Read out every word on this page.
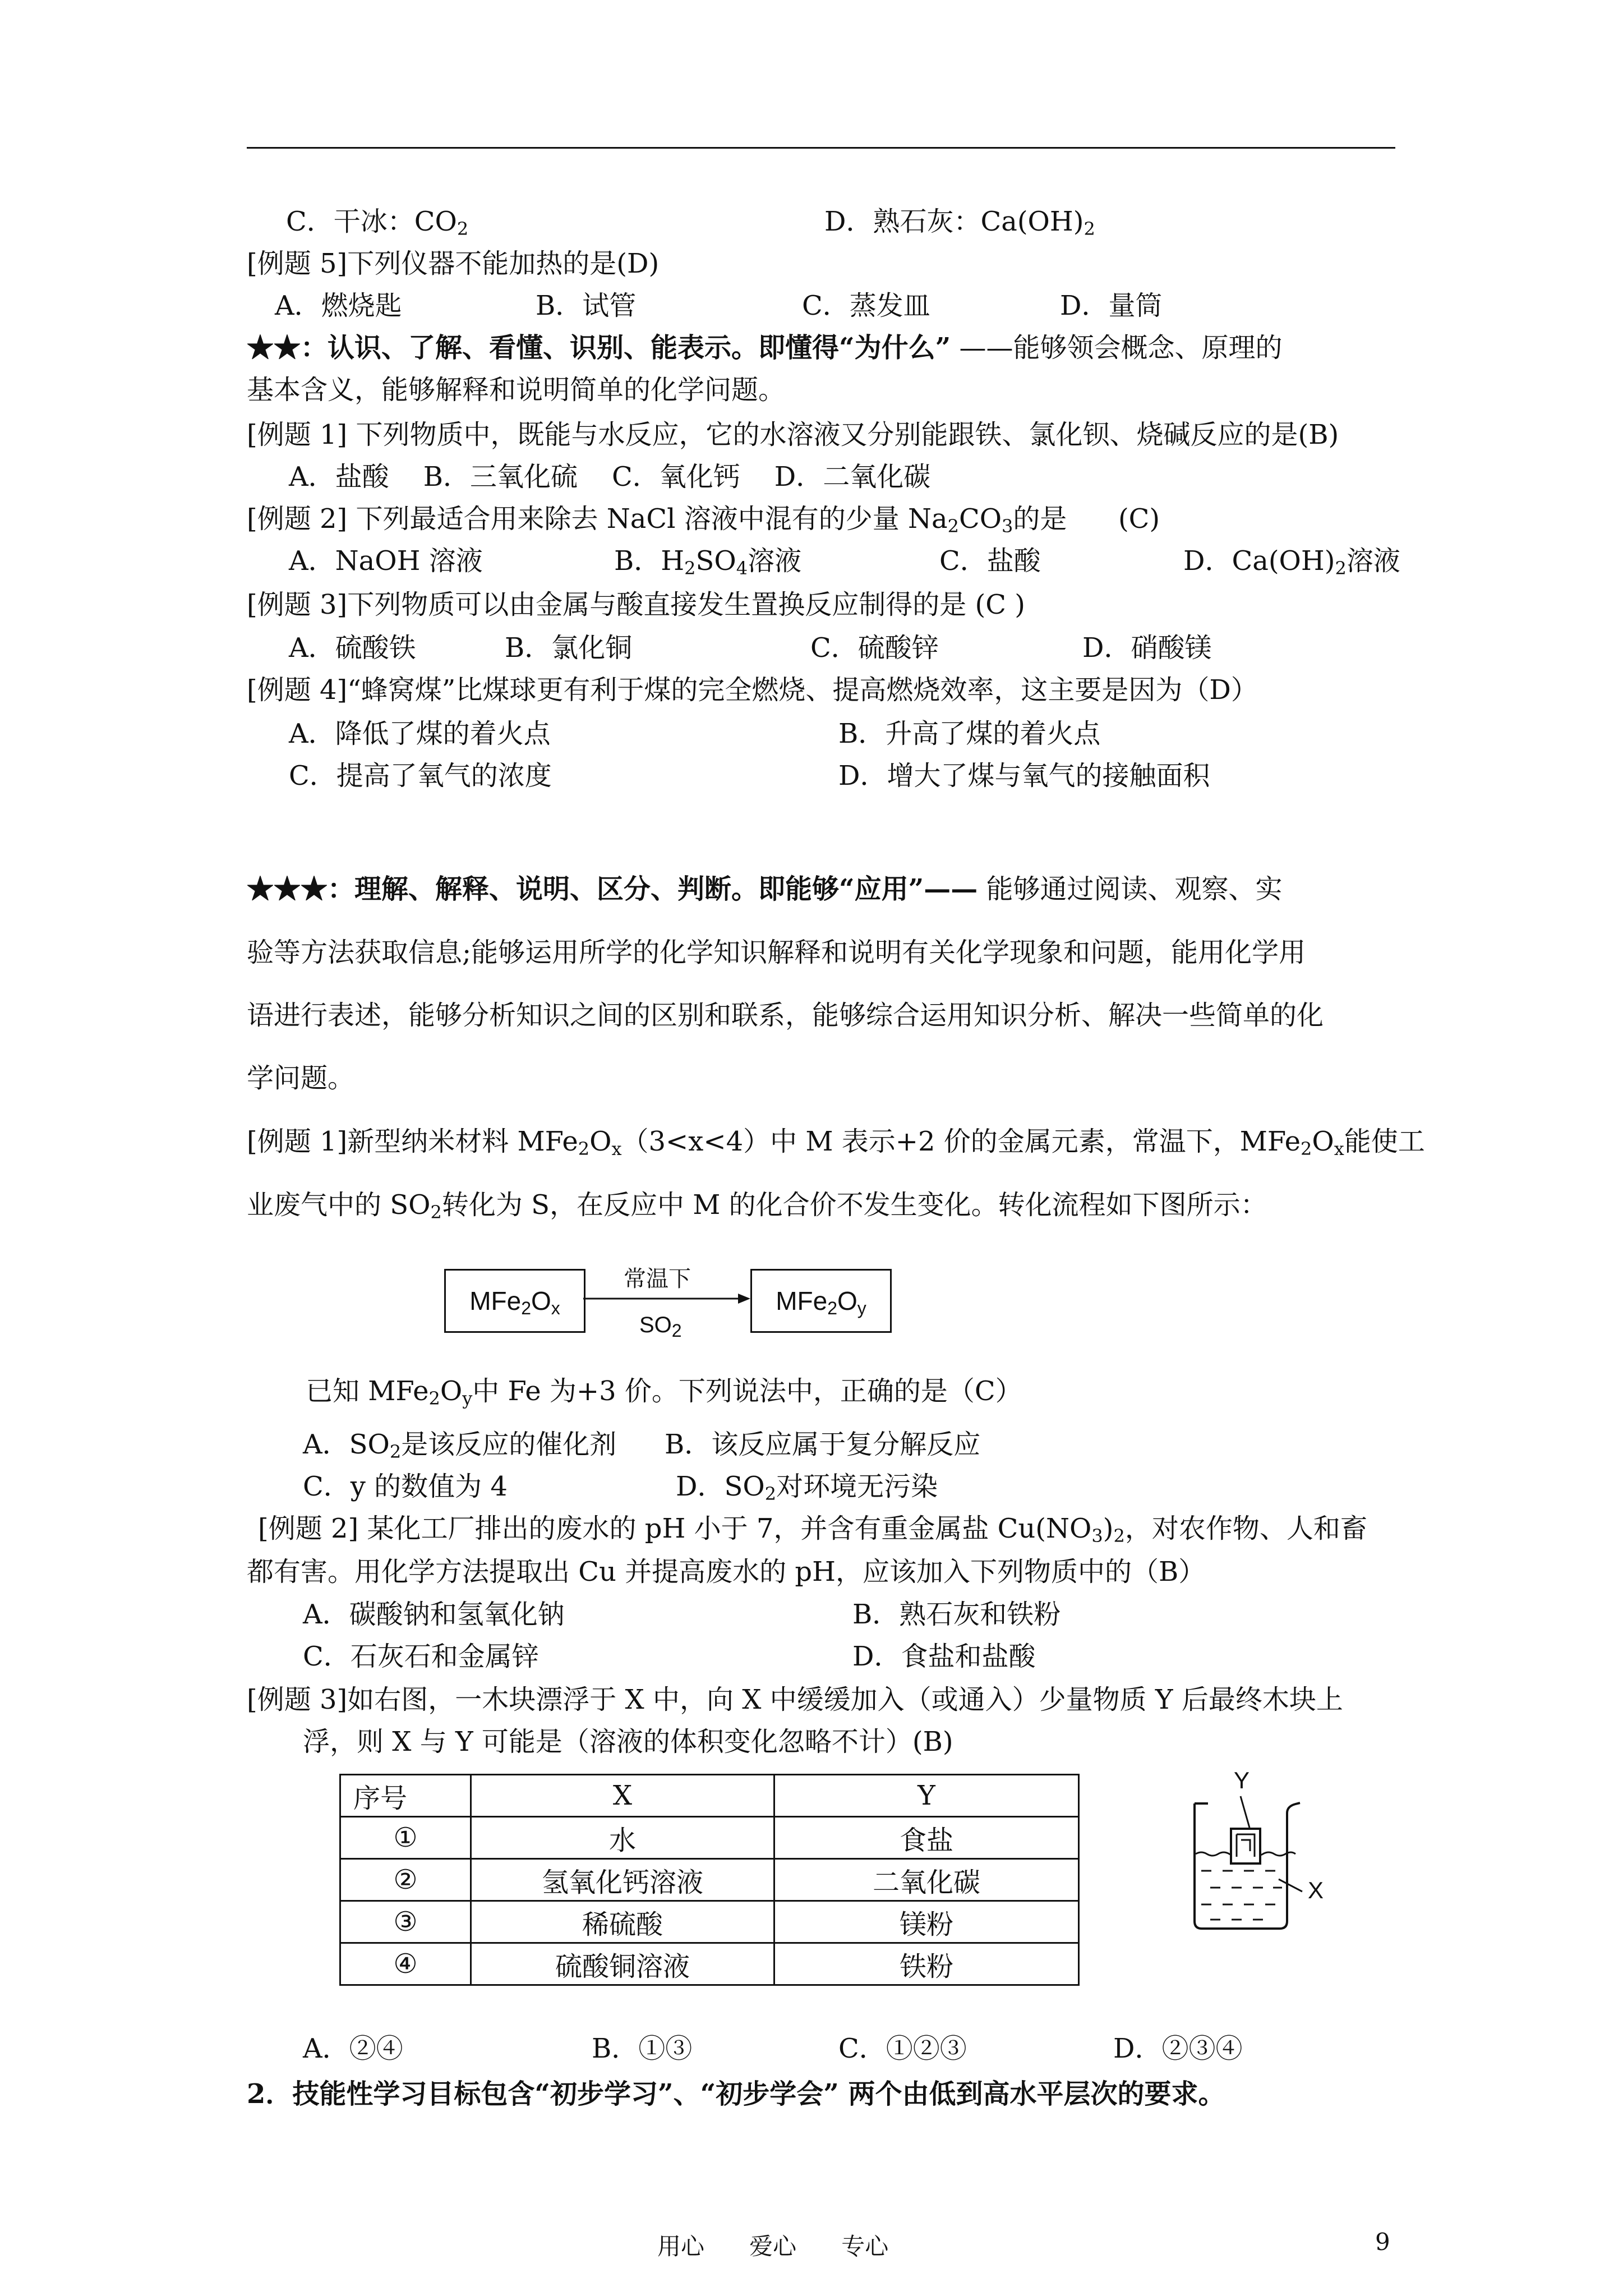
C．干冰：$CO_2$	D．熟石灰：$Ca(OH)_2$
[例题 5]下列仪器不能加热的是(D)
A．燃烧匙	B．试管	C．蒸发皿	D．量筒
★★：认识、了解、看懂、识别、能表示。即懂得“为什么” ——能够领会概念、原理的
基本含义，能够解释和说明简单的化学问题。
[例题 1] 下列物质中，既能与水反应，它的水溶液又分别能跟铁、氯化钡、烧碱反应的是(B)
A．盐酸    B．三氧化硫    C．氧化钙    D．二氧化碳
[例题 2] 下列最适合用来除去 NaCl 溶液中混有的少量 $Na_2CO_3$的是      (C)
A．NaOH 溶液	B．$H_2SO_4$溶液	C．盐酸	D．$Ca(OH)_2$溶液
[例题 3]下列物质可以由金属与酸直接发生置换反应制得的是 (C )
A．硫酸铁	B．氯化铜	C．硫酸锌	D．硝酸镁
[例题 4]“蜂窝煤”比煤球更有利于煤的完全燃烧、提高燃烧效率，这主要是因为（D）
A．降低了煤的着火点	B．升高了煤的着火点
C．提高了氧气的浓度	D．增大了煤与氧气的接触面积
★★★：理解、解释、说明、区分、判断。即能够“应用”—— 能够通过阅读、观察、实
验等方法获取信息;能够运用所学的化学知识解释和说明有关化学现象和问题，能用化学用
语进行表述，能够分析知识之间的区别和联系，能够综合运用知识分析、解决一些简单的化
学问题。
[例题 1]新型纳米材料 $MFe_2O_x(3<x<4)$中 M 表示+2 价的金属元素，常温下，$MFe_2O_x$能使工
业废气中的 $SO_2$转化为 S，在反应中 M 的化合价不发生变化。转化流程如下图所示：
$MFe_2O_x$	$MFe_2O_y$
常温下
$SO_2$
已知 $MFe_2O_y$中 Fe 为+3 价。下列说法中，正确的是（C）
A．$SO_2$是该反应的催化剂 B．该反应属于复分解反应
C．y 的数值为 4	D．$SO_2$对环境无污染
[例题 2] 某化工厂排出的废水的 pH 小于 7，并含有重金属盐 $Cu(NO_3)_2$，对农作物、人和畜
都有害。用化学方法提取出 Cu 并提高废水的 pH，应该加入下列物质中的（B）
A．碳酸钠和氢氧化钠	B．熟石灰和铁粉
C．石灰石和金属锌	D．食盐和盐酸
[例题 3]如右图，一木块漂浮于 X 中，向 X 中缓缓加入（或通入）少量物质 Y 后最终木块上
浮，则 X 与 Y 可能是（溶液的体积变化忽略不计）(B)
序号	X	Y
①	水	食盐
②	氢氧化钙溶液	二氧化碳
③	稀硫酸	镁粉
④	硫酸铜溶液	铁粉
Y
X
A．②④	B．①③	C．①②③	D．②③④
2．技能性学习目标包含“初步学习”、“初步学会” 两个由低到高水平层次的要求。
用心      爱心      专心	9
